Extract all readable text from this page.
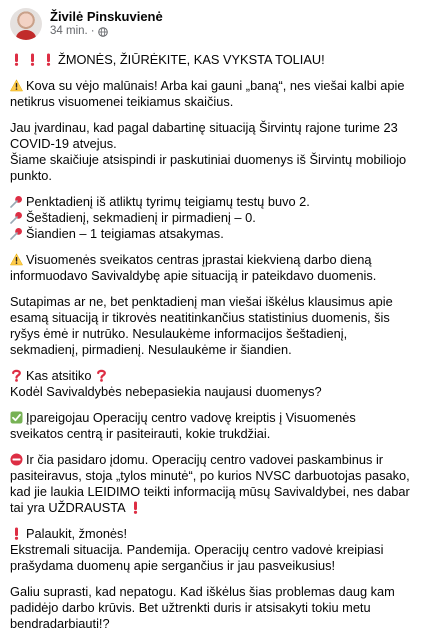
Živilė Pinskuvienė
34 min. ·
ŽMONĖS, ŽIŪRĖKITE, KAS VYKSTA TOLIAU!
Kova su vėjo malūnais! Arba kai gauni „baną“, nes viešai kalbi apie
netikrus visuomenei teikiamus skaičius.
Jau įvardinau, kad pagal dabartinę situaciją Širvintų rajone turime 23
COVID-19 atvejus.
Šiame skaičiuje atsispindi ir paskutiniai duomenys iš Širvintų mobiliojo
punkto.
Penktadienį iš atliktų tyrimų teigiamų testų buvo 2.
Šeštadienį, sekmadienį ir pirmadienį – 0.
Šiandien – 1 teigiamas atsakymas.
Visuomenės sveikatos centras įprastai kiekvieną darbo dieną
informuodavo Savivaldybę apie situaciją ir pateikdavo duomenis.
Sutapimas ar ne, bet penktadienį man viešai iškėlus klausimus apie
esamą situaciją ir tikrovės neatitinkančius statistinius duomenis, šis
ryšys ėmė ir nutrūko. Nesulaukėme informacijos šeštadienį,
sekmadienį, pirmadienį. Nesulaukėme ir šiandien.
Kas atsitiko
Kodėl Savivaldybės nebepasiekia naujausi duomenys?
Įpareigojau Operacijų centro vadovę kreiptis į Visuomenės
sveikatos centrą ir pasiteirauti, kokie trukdžiai.
Ir čia pasidaro įdomu. Operacijų centro vadovei paskambinus ir
pasiteiravus, stoja „tylos minutė“, po kurios NVSC darbuotojas pasako,
kad jie laukia LEIDIMO teikti informaciją mūsų Savivaldybei, nes dabar
tai yra UŽDRAUSTA
Palaukit, žmonės!
Ekstremali situacija. Pandemija. Operacijų centro vadovė kreipiasi
prašydama duomenų apie sergančius ir jau pasveikusius!
Galiu suprasti, kad nepatogu. Kad iškėlus šias problemas daug kam
padidėjo darbo krūvis. Bet užtrenkti duris ir atsisakyti tokiu metu
bendradarbiauti!?
